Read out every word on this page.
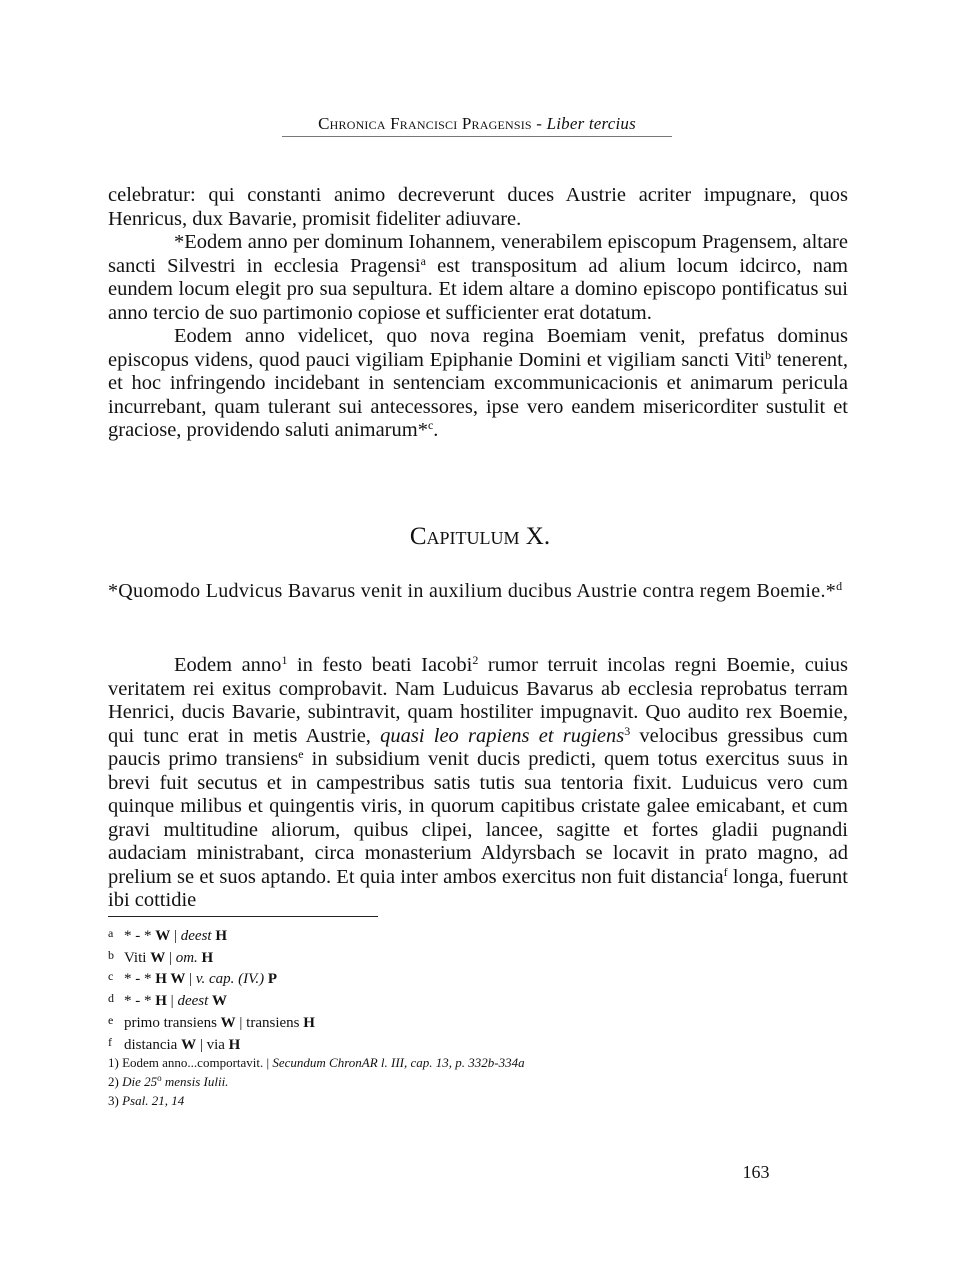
Chronica Francisci Pragensis - Liber tercius

celebratur: qui constanti animo decreverunt duces Austrie acriter impugnare, quos Henricus, dux Bavarie, promisit fideliter adiuvare.

*Eodem anno per dominum Iohannem, venerabilem episcopum Pragensem, altare sancti Silvestri in ecclesia Pragensi$^a$ est transpositum ad alium locum idcirco, nam eundem locum elegit pro sua sepultura. Et idem altare a domino episcopo pontificatus sui anno tercio de suo partimonio copiose et sufficienter erat dotatum.

Eodem anno videlicet, quo nova regina Boemiam venit, prefatus dominus episcopus videns, quod pauci vigiliam Epiphanie Domini et vigiliam sancti Viti$^b$ tenerent, et hoc infringendo incidebant in sentenciam excommunicacionis et animarum pericula incurrebant, quam tulerant sui antecessores, ipse vero eandem misericorditer sustulit et graciose, providendo saluti animarum*$^c$.

Capitulum X.

*Quomodo Ludvicus Bavarus venit in auxilium ducibus Austrie contra regem Boemie.*$^d$

Eodem anno$^1$ in festo beati Iacobi$^2$ rumor terruit incolas regni Boemie, cuius veritatem rei exitus comprobavit. Nam Luduicus Bavarus ab ecclesia reprobatus terram Henrici, ducis Bavarie, subintravit, quam hostiliter impugnavit. Quo audito rex Boemie, qui tunc erat in metis Austrie, quasi leo rapiens et rugiens$^3$ velocibus gressibus cum paucis primo transiens$^e$ in subsidium venit ducis predicti, quem totus exercitus suus in brevi fuit secutus et in campestribus satis tutis sua tentoria fixit. Luduicus vero cum quinque milibus et quingentis viris, in quorum capitibus cristate galee emicabant, et cum gravi multitudine aliorum, quibus clipei, lancee, sagitte et fortes gladii pugnandi audaciam ministrabant, circa monasterium Aldyrsbach se locavit in prato magno, ad prelium se et suos aptando. Et quia inter ambos exercitus non fuit distancia$^f$ longa, fuerunt ibi cottidie

a * - * W | deest H
b Viti W | om. H
c * - * H W | v. cap. (IV.) P
d * - * H | deest W
e primo transiens W | transiens H
f distancia W | via H
1) Eodem anno...comportavit. | Secundum ChronAR l. III, cap. 13, p. 332b-334a
2) Die 25$^o$ mensis Iulii.
3) Psal. 21, 14
163
